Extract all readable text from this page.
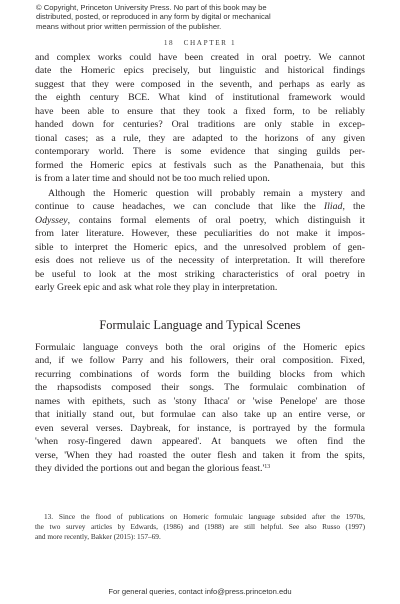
© Copyright, Princeton University Press. No part of this book may be
distributed, posted, or reproduced in any form by digital or mechanical
means without prior written permission of the publisher.
18 CHAPTER 1
and complex works could have been created in oral poetry. We cannot
date the Homeric epics precisely, but linguistic and historical findings
suggest that they were composed in the seventh, and perhaps as early as
the eighth century BCE. What kind of institutional framework would
have been able to ensure that they took a fixed form, to be reliably
handed down for centuries? Oral traditions are only stable in excep-
tional cases; as a rule, they are adapted to the horizons of any given
contemporary world. There is some evidence that singing guilds per-
formed the Homeric epics at festivals such as the Panathenaia, but this
is from a later time and should not be too much relied upon.
Although the Homeric question will probably remain a mystery and
continue to cause headaches, we can conclude that like the Iliad, the
Odyssey, contains formal elements of oral poetry, which distinguish it
from later literature. However, these peculiarities do not make it impos-
sible to interpret the Homeric epics, and the unresolved problem of gen-
esis does not relieve us of the necessity of interpretation. It will therefore
be useful to look at the most striking characteristics of oral poetry in
early Greek epic and ask what role they play in interpretation.
Formulaic Language and Typical Scenes
Formulaic language conveys both the oral origins of the Homeric epics
and, if we follow Parry and his followers, their oral composition. Fixed,
recurring combinations of words form the building blocks from which
the rhapsodists composed their songs. The formulaic combination of
names with epithets, such as 'stony Ithaca' or 'wise Penelope' are those
that initially stand out, but formulae can also take up an entire verse, or
even several verses. Daybreak, for instance, is portrayed by the formula
'when rosy-fingered dawn appeared'. At banquets we often find the
verse, 'When they had roasted the outer flesh and taken it from the spits,
they divided the portions out and began the glorious $feast.'^{13}$
13. Since the flood of publications on Homeric formulaic language subsided after the 1970s,
the two survey articles by Edwards, (1986) and (1988) are still helpful. See also Russo (1997)
and more recently, Bakker (2015): 157–69.
For general queries, contact info@press.princeton.edu
